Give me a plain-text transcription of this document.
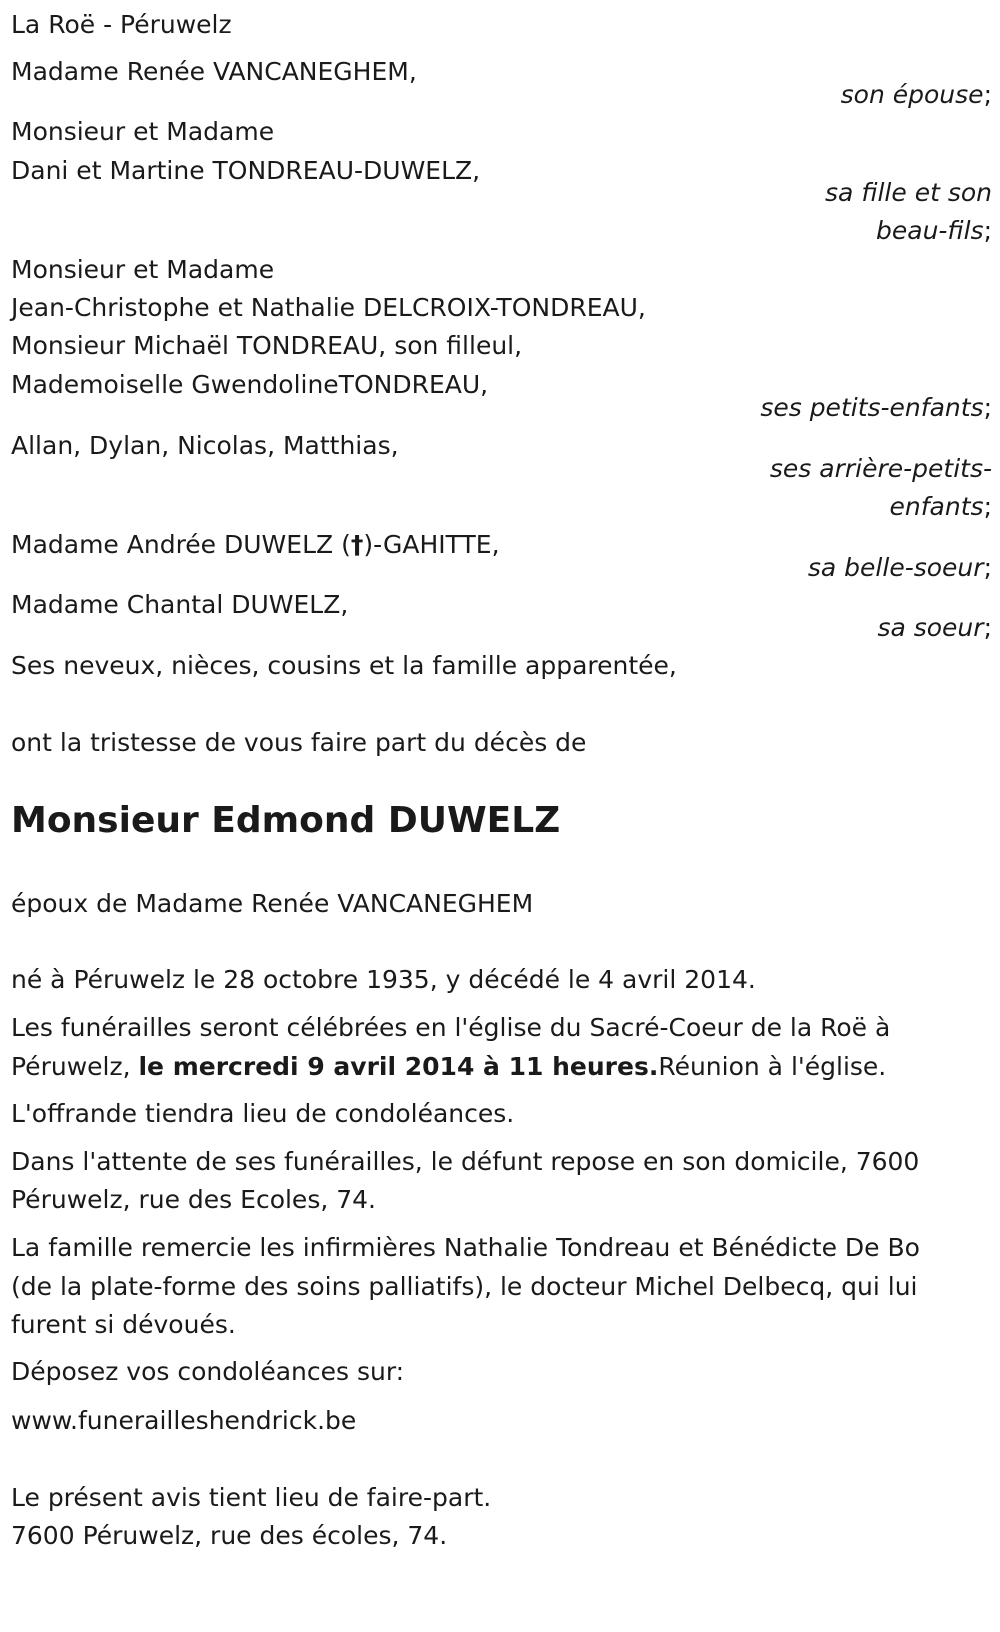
La Roë - Péruwelz

Madame Renée VANCANEGHEM,

son épouse;

Monsieur et Madame

Dani et Martine TONDREAU-DUWELZ,

sa fille et son

beau-fils;

Monsieur et Madame

Jean-Christophe et Nathalie DELCROIX-TONDREAU,

Monsieur Michaël TONDREAU, son filleul,

Mademoiselle GwendolineTONDREAU,

ses petits-enfants;

Allan, Dylan, Nicolas, Matthias,

ses arrière-petits-

enfants;

Madame Andrée DUWELZ (†)-GAHITTE,

sa belle-soeur;

Madame Chantal DUWELZ,

sa soeur;

Ses neveux, nièces, cousins et la famille apparentée,

ont la tristesse de vous faire part du décès de

Monsieur Edmond DUWELZ

époux de Madame Renée VANCANEGHEM

né à Péruwelz le 28 octobre 1935, y décédé le 4 avril 2014.

Les funérailles seront célébrées en l'église du Sacré-Coeur de la Roë à

Péruwelz, le mercredi 9 avril 2014 à 11 heures.Réunion à l'église.

L'offrande tiendra lieu de condoléances.

Dans l'attente de ses funérailles, le défunt repose en son domicile, 7600

Péruwelz, rue des Ecoles, 74.

La famille remercie les infirmières Nathalie Tondreau et Bénédicte De Bo

(de la plate-forme des soins palliatifs), le docteur Michel Delbecq, qui lui

furent si dévoués.

Déposez vos condoléances sur:

www.funerailleshendrick.be

Le présent avis tient lieu de faire-part.

7600 Péruwelz, rue des écoles, 74.
